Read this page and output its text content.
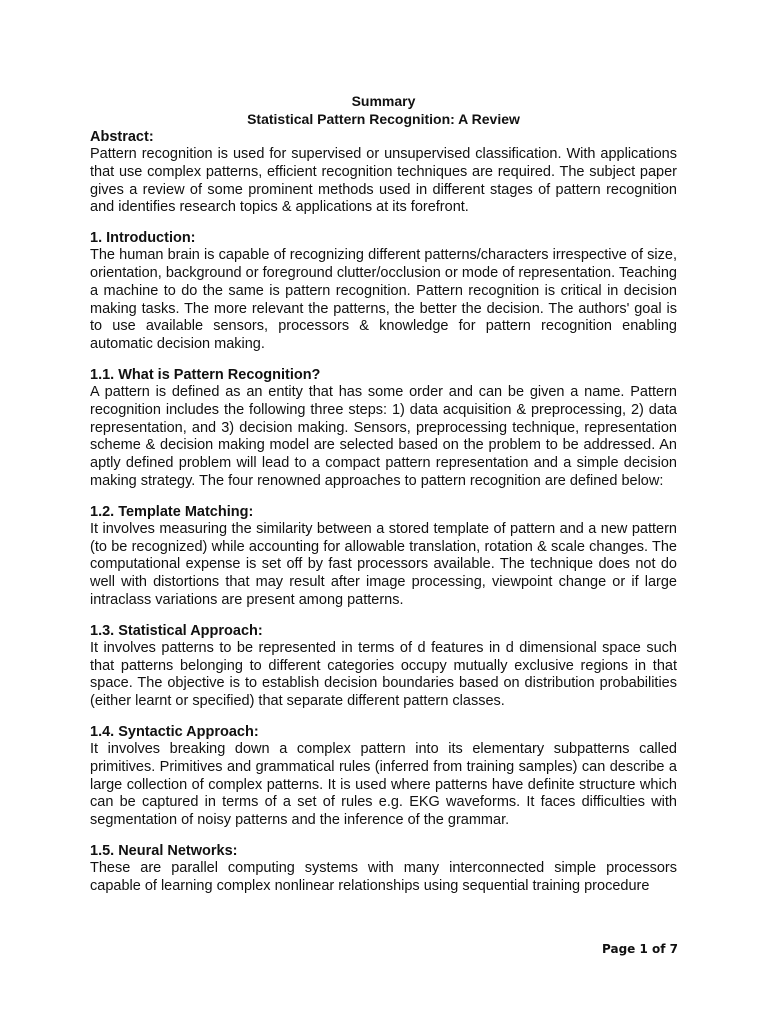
Summary

Statistical Pattern Recognition: A Review

Abstract:

Pattern recognition is used for supervised or unsupervised classification. With applications that use complex patterns, efficient recognition techniques are required. The subject paper gives a review of some prominent methods used in different stages of pattern recognition and identifies research topics & applications at its forefront.

1. Introduction:

The human brain is capable of recognizing different patterns/characters irrespective of size, orientation, background or foreground clutter/occlusion or mode of representation. Teaching a machine to do the same is pattern recognition. Pattern recognition is critical in decision making tasks. The more relevant the patterns, the better the decision. The authors' goal is to use available sensors, processors & knowledge for pattern recognition enabling automatic decision making.

1.1. What is Pattern Recognition?

A pattern is defined as an entity that has some order and can be given a name. Pattern recognition includes the following three steps: 1) data acquisition & preprocessing, 2) data representation, and 3) decision making. Sensors, preprocessing technique, representation scheme & decision making model are selected based on the problem to be addressed. An aptly defined problem will lead to a compact pattern representation and a simple decision making strategy. The four renowned approaches to pattern recognition are defined below:

1.2. Template Matching:

It involves measuring the similarity between a stored template of pattern and a new pattern (to be recognized) while accounting for allowable translation, rotation & scale changes. The computational expense is set off by fast processors available. The technique does not do well with distortions that may result after image processing, viewpoint change or if large intraclass variations are present among patterns.

1.3. Statistical Approach:

It involves patterns to be represented in terms of d features in d dimensional space such that patterns belonging to different categories occupy mutually exclusive regions in that space. The objective is to establish decision boundaries based on distribution probabilities (either learnt or specified) that separate different pattern classes.

1.4. Syntactic Approach:

It involves breaking down a complex pattern into its elementary subpatterns called primitives. Primitives and grammatical rules (inferred from training samples) can describe a large collection of complex patterns. It is used where patterns have definite structure which can be captured in terms of a set of rules e.g. EKG waveforms. It faces difficulties with segmentation of noisy patterns and the inference of the grammar.

1.5. Neural Networks:

These are parallel computing systems with many interconnected simple processors capable of learning complex nonlinear relationships using sequential training procedure

Page 1 of 7
